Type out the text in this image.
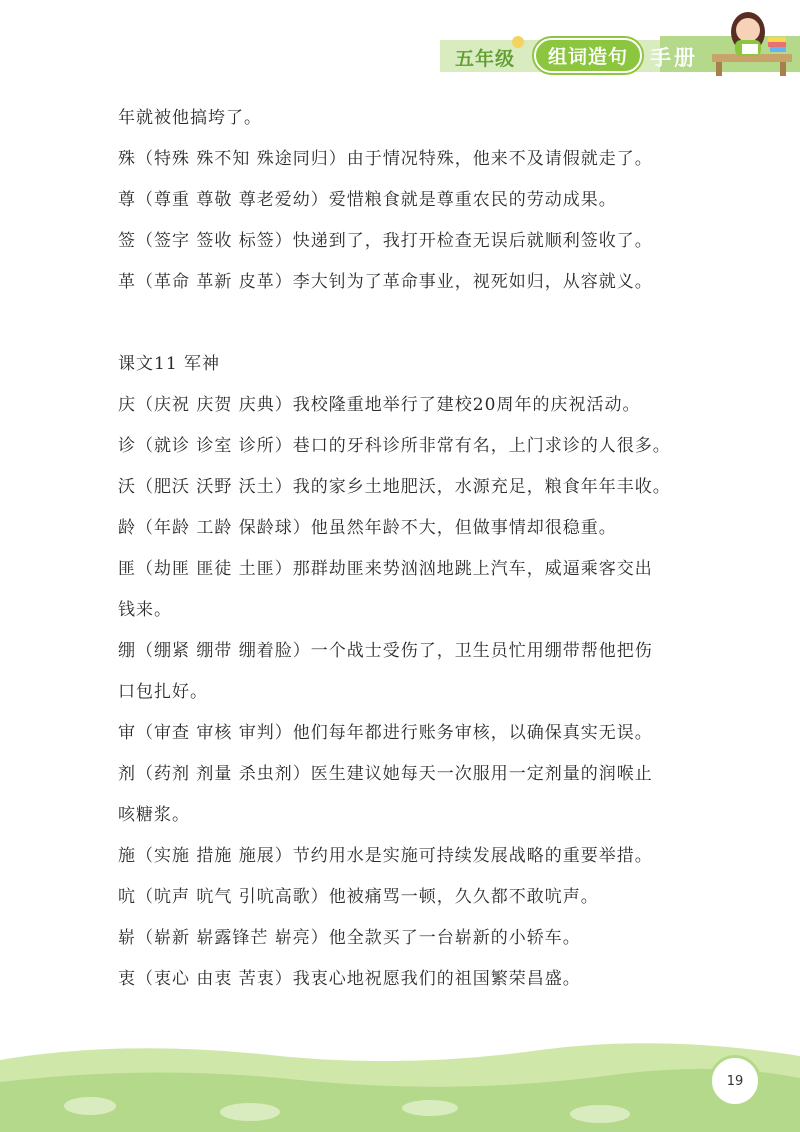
五年级	组词造句	手册

年就被他搞垮了。

殊（特殊 殊不知 殊途同归）由于情况特殊，他来不及请假就走了。

尊（尊重 尊敬 尊老爱幼）爱惜粮食就是尊重农民的劳动成果。

签（签字 签收 标签）快递到了，我打开检查无误后就顺利签收了。

革（革命 革新 皮革）李大钊为了革命事业，视死如归，从容就义。

课文11 军神

庆（庆祝 庆贺 庆典）我校隆重地举行了建校20周年的庆祝活动。

诊（就诊 诊室 诊所）巷口的牙科诊所非常有名，上门求诊的人很多。

沃（肥沃 沃野 沃土）我的家乡土地肥沃，水源充足，粮食年年丰收。

龄（年龄 工龄 保龄球）他虽然年龄不大，但做事情却很稳重。

匪（劫匪 匪徒 土匪）那群劫匪来势汹汹地跳上汽车，威逼乘客交出

钱来。

绷（绷紧 绷带 绷着脸）一个战士受伤了，卫生员忙用绷带帮他把伤

口包扎好。

审（审查 审核 审判）他们每年都进行账务审核，以确保真实无误。

剂（药剂 剂量 杀虫剂）医生建议她每天一次服用一定剂量的润喉止

咳糖浆。

施（实施 措施 施展）节约用水是实施可持续发展战略的重要举措。

吭（吭声 吭气 引吭高歌）他被痛骂一顿，久久都不敢吭声。

崭（崭新 崭露锋芒 崭亮）他全款买了一台崭新的小轿车。

衷（衷心 由衷 苦衷）我衷心地祝愿我们的祖国繁荣昌盛。

19
